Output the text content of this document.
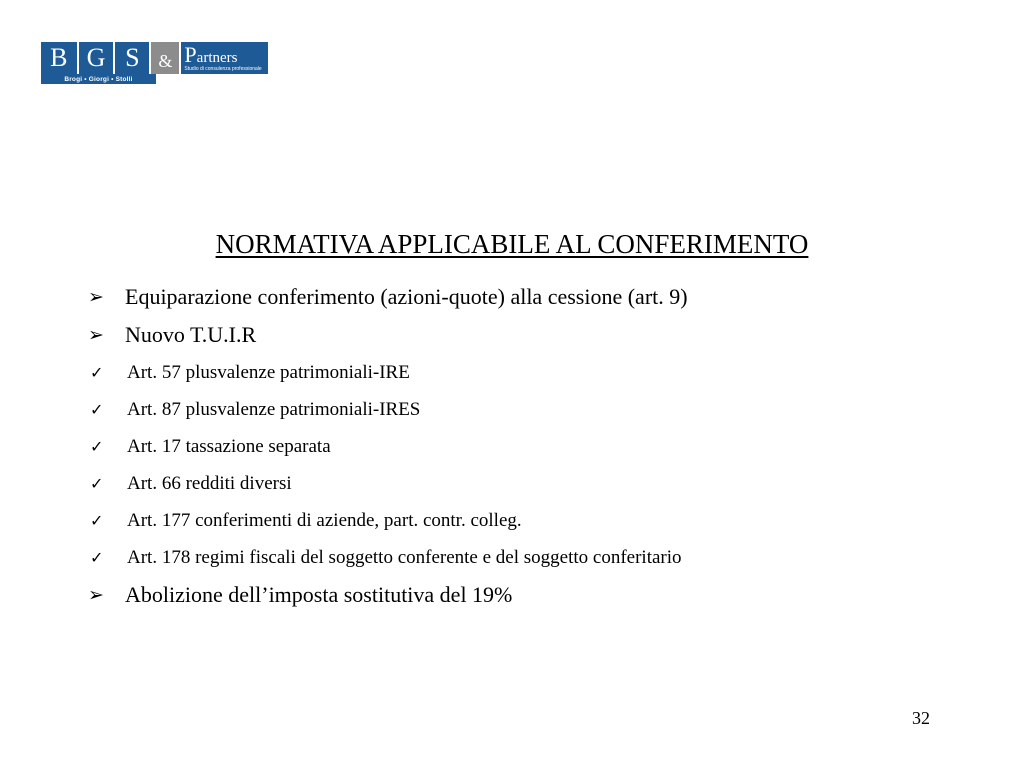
B G S	& Partners
Studio di consulenza professionale
Brogi • Giorgi • Stolli
NORMATIVA APPLICABILE AL CONFERIMENTO
➢ Equiparazione conferimento (azioni-quote) alla cessione (art. 9)
➢ Nuovo T.U.I.R
✓	Art. 57 plusvalenze patrimoniali-IRE
✓	Art. 87 plusvalenze patrimoniali-IRES
✓	Art. 17 tassazione separata
✓	Art. 66 redditi diversi
✓	Art. 177 conferimenti di aziende, part. contr. colleg.
✓	Art. 178 regimi fiscali del soggetto conferente e del soggetto conferitario
➢ Abolizione dell’imposta sostitutiva del 19%
32
